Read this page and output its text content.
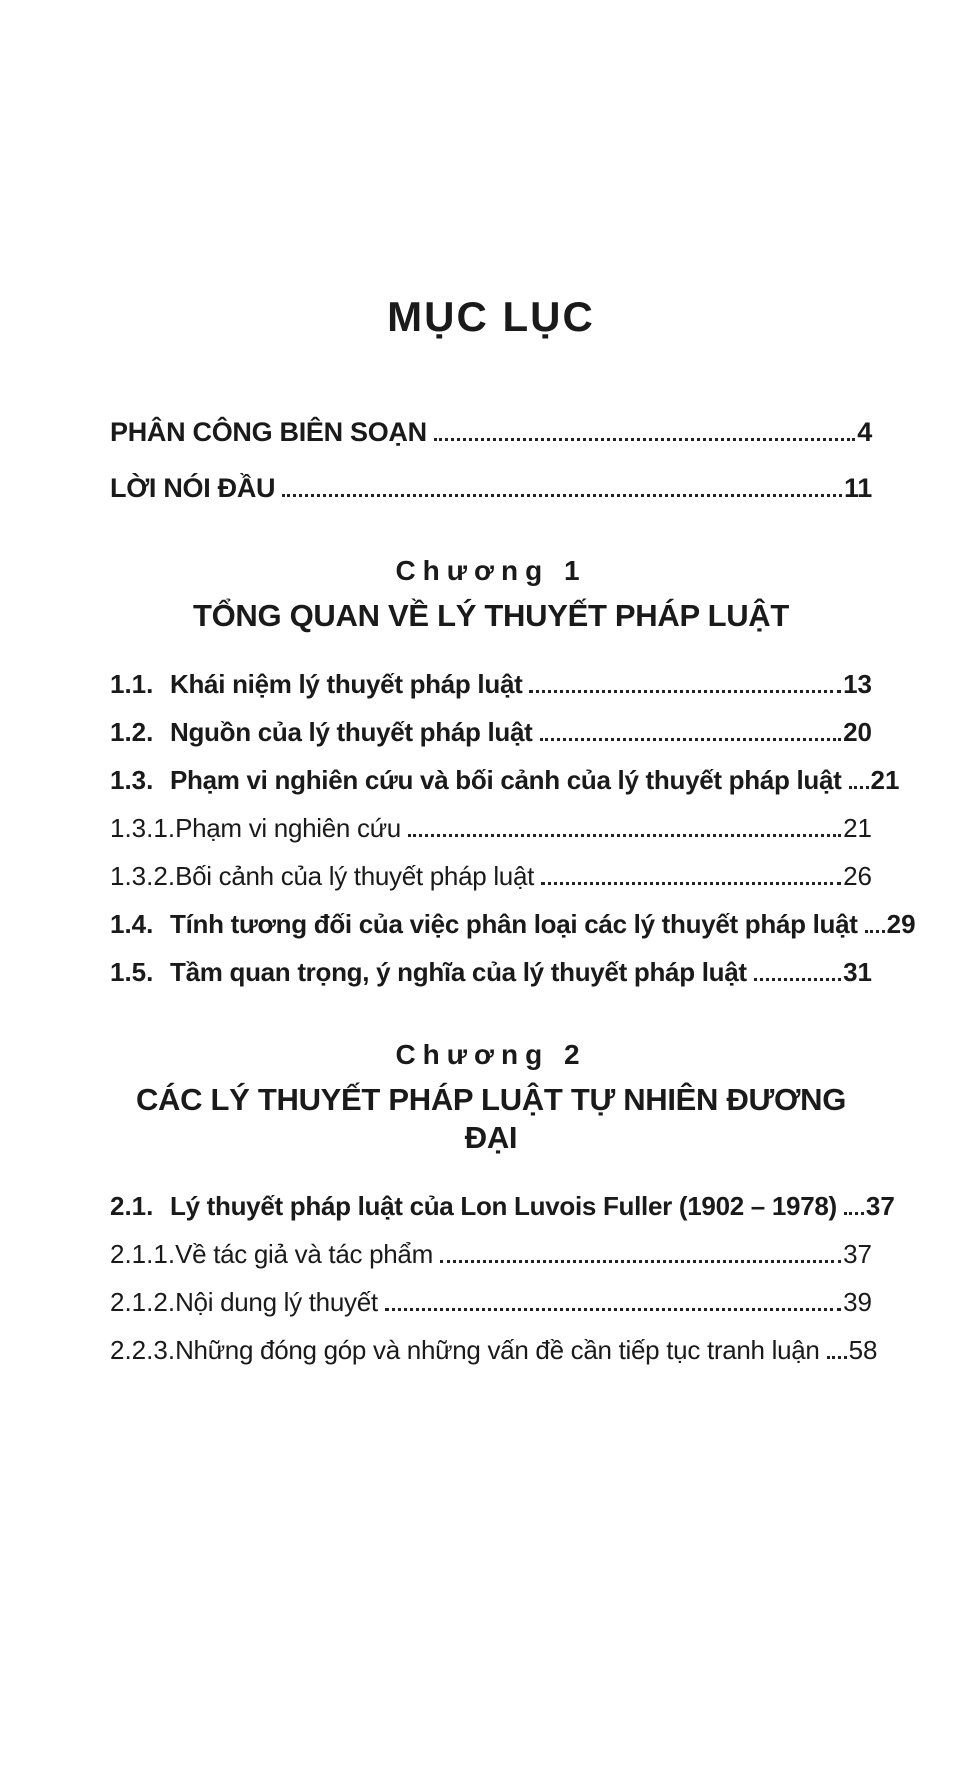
MỤC LỤC
PHÂN CÔNG BIÊN SOẠN	4
LỜI NÓI ĐẦU	11
Chương 1
TỔNG QUAN VỀ LÝ THUYẾT PHÁP LUẬT
1.1. Khái niệm lý thuyết pháp luật	13
1.2. Nguồn của lý thuyết pháp luật	20
1.3. Phạm vi nghiên cứu và bối cảnh của lý thuyết pháp luật 21
1.3.1. Phạm vi nghiên cứu	21
1.3.2. Bối cảnh của lý thuyết pháp luật	26
1.4. Tính tương đối của việc phân loại các lý thuyết pháp luật 29
1.5. Tầm quan trọng, ý nghĩa của lý thuyết pháp luật	31
Chương 2
CÁC LÝ THUYẾT PHÁP LUẬT TỰ NHIÊN ĐƯƠNG ĐẠI
2.1. Lý thuyết pháp luật của Lon Luvois Fuller (1902 – 1978) 37
2.1.1. Về tác giả và tác phẩm	37
2.1.2. Nội dung lý thuyết	39
2.2.3. Những đóng góp và những vấn đề cần tiếp tục tranh luận 58
